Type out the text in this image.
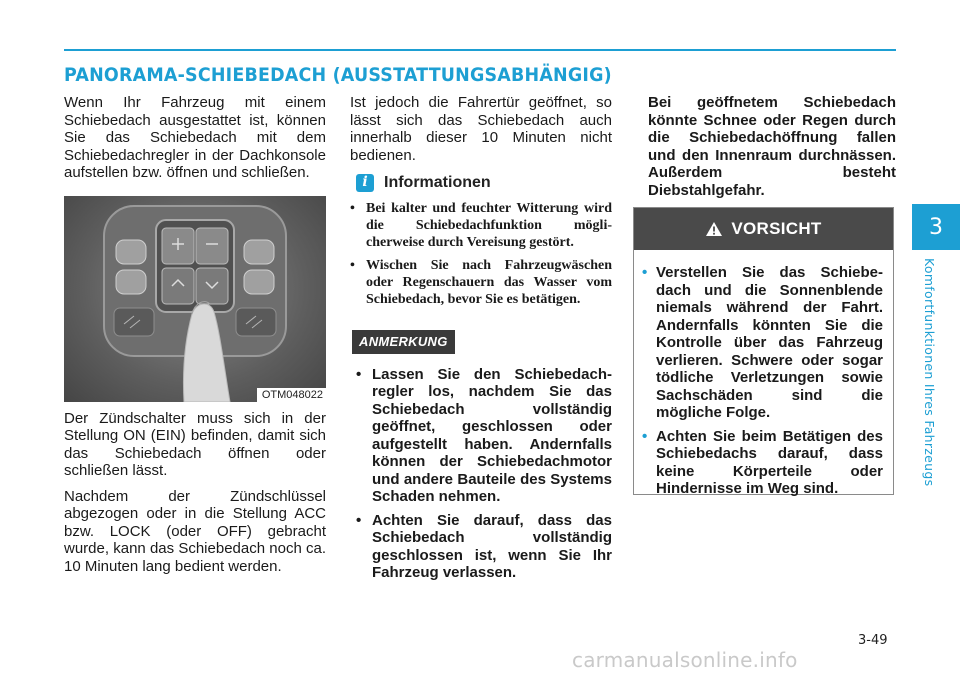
PANORAMA-SCHIEBEDACH (AUSSTATTUNGSABHÄNGIG)

Wenn Ihr Fahrzeug mit einem Schiebedach ausgestattet ist, können Sie das Schiebedach mit dem Schiebedachregler in der Dachkonsole aufstellen bzw. öffnen und schließen.

OTM048022

Der Zündschalter muss sich in der Stellung ON (EIN) befinden, damit sich das Schiebedach öffnen oder schließen lässt.

Nachdem der Zündschlüssel abgezogen oder in die Stellung ACC bzw. LOCK (oder OFF) gebracht wurde, kann das Schiebedach noch ca. 10 Minuten lang bedient werden.

Ist jedoch die Fahrertür geöffnet, so lässt sich das Schiebedach auch innerhalb dieser 10 Minuten nicht bedienen.

i	Informationen
• Bei kalter und feuchter Witterung wird die Schiebedachfunktion mögli-cherweise durch Vereisung gestört.
• Wischen Sie nach Fahrzeugwäschen oder Regenschauern das Wasser vom Schiebedach, bevor Sie es betätigen.
ANMERKUNG
• Lassen Sie den Schiebedach-regler los, nachdem Sie das Schiebedach vollständig geöffnet, geschlossen oder aufgestellt haben. Andernfalls können der Schiebedachmotor und andere Bauteile des Systems Schaden nehmen.
• Achten Sie darauf, dass das Schiebedach vollständig geschlossen ist, wenn Sie Ihr Fahrzeug verlassen.

Bei geöffnetem Schiebedach könnte Schnee oder Regen durch die Schiebedachöffnung fallen und den Innenraum durchnässen. Außerdem besteht Diebstahlgefahr.

VORSICHT
• Verstellen Sie das Schiebe-dach und die Sonnenblende niemals während der Fahrt. Andernfalls könnten Sie die Kontrolle über das Fahrzeug verlieren. Schwere oder sogar tödliche Verletzungen sowie Sachschäden sind die mögliche Folge.
• Achten Sie beim Betätigen des Schiebedachs darauf, dass keine Körperteile oder Hindernisse im Weg sind.
3
Komfortfunktionen Ihres Fahrzeugs
3-49
carmanualsonline.info
